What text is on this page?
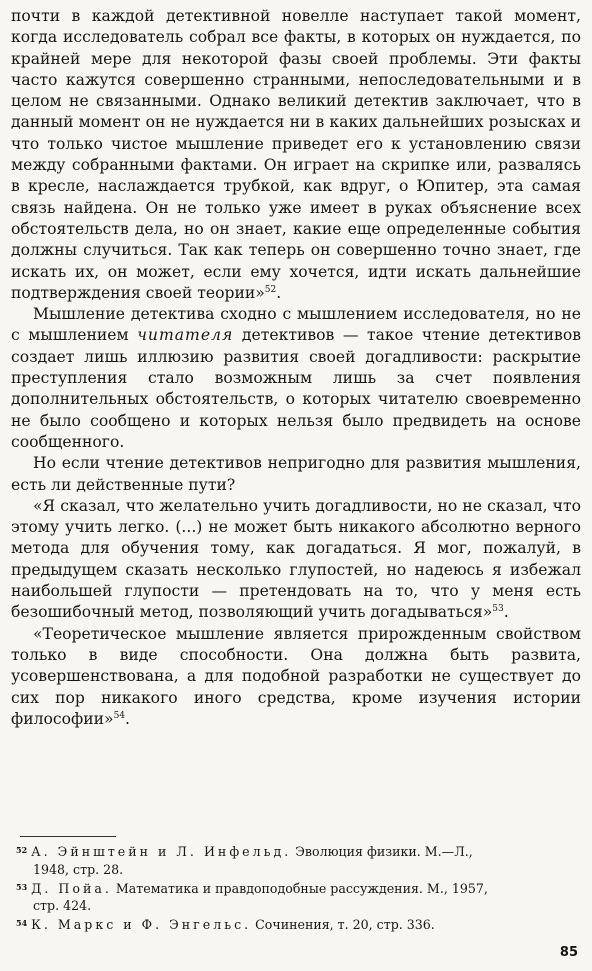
почти в каждой детективной новелле наступает такой момент, когда исследователь собрал все факты, в которых он нуждается, по крайней мере для некоторой фазы своей проблемы. Эти факты часто кажутся совершенно странными, непоследовательными и в целом не связанными. Однако великий детектив заключает, что в данный момент он не нуждается ни в каких дальнейших розысках и что только чистое мышление приведет его к установлению связи между собранными фактами. Он играет на скрипке или, развалясь в кресле, наслаждается трубкой, как вдруг, о Юпитер, эта самая связь найдена. Он не только уже имеет в руках объяснение всех обстоятельств дела, но он знает, какие еще определенные события должны случиться. Так как теперь он совершенно точно знает, где искать их, он может, если ему хочется, идти искать дальнейшие подтверждения своей теории»$^{52}$.

Мышление детектива сходно с мышлением исследователя, но не с мышлением читателя детективов — такое чтение детективов создает лишь иллюзию развития своей догадливости: раскрытие преступления стало возможным лишь за счет появления дополнительных обстоятельств, о которых читателю своевременно не было сообщено и которых нельзя было предвидеть на основе сообщенного.

Но если чтение детективов непригодно для развития мышления, есть ли действенные пути?

«Я сказал, что желательно учить догадливости, но не сказал, что этому учить легко. (...) не может быть никакого абсолютно верного метода для обучения тому, как догадаться. Я мог, пожалуй, в предыдущем сказать несколько глупостей, но надеюсь я избежал наибольшей глупости — претендовать на то, что у меня есть безошибочный метод, позволяющий учить догадываться»$^{53}$.

«Теоретическое мышление является прирожденным свойством только в виде способности. Она должна быть развита, усовершенствована, а для подобной разработки не существует до сих пор никакого иного средства, кроме изучения истории философии»$^{54}$.

$^{52}$ А. Эйнштейн и Л. Инфельд. Эволюция физики. М.—Л.,
1948, стр. 28.
$^{53}$ Д. Пойа. Математика и правдоподобные рассуждения. М., 1957,
стр. 424.
$^{54}$ К. Маркс и Ф. Энгельс. Сочинения, т. 20, стр. 336.
85
